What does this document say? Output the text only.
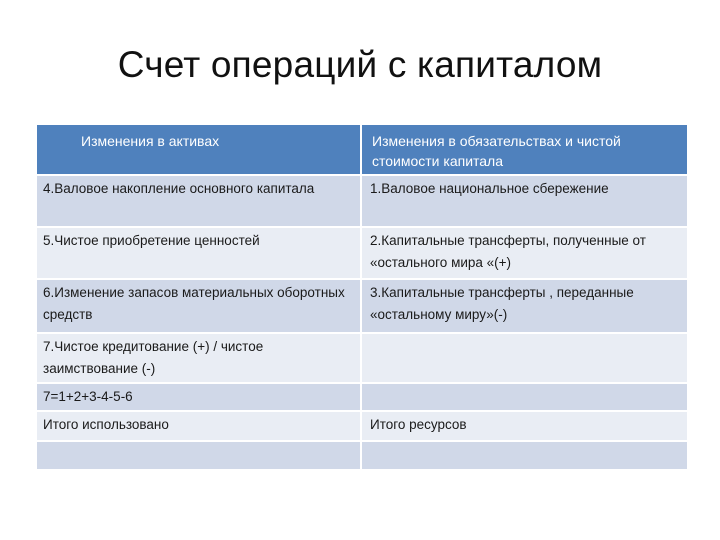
Счет операций с капиталом
Изменения в активах	Изменения в обязательствах и чистой стоимости капитала

4.Валовое накопление основного капитала	1.Валовое национальное сбережение

5.Чистое приобретение ценностей	2.Капитальные трансферты, полученные от «остального мира «(+)

6.Изменение запасов материальных оборотных средств	3.Капитальные трансферты , переданные «остальному миру»(-)

7.Чистое кредитование (+) / чистое заимствование (-)	

7=1+2+3-4-5-6	

Итого использовано	Итого ресурсов
